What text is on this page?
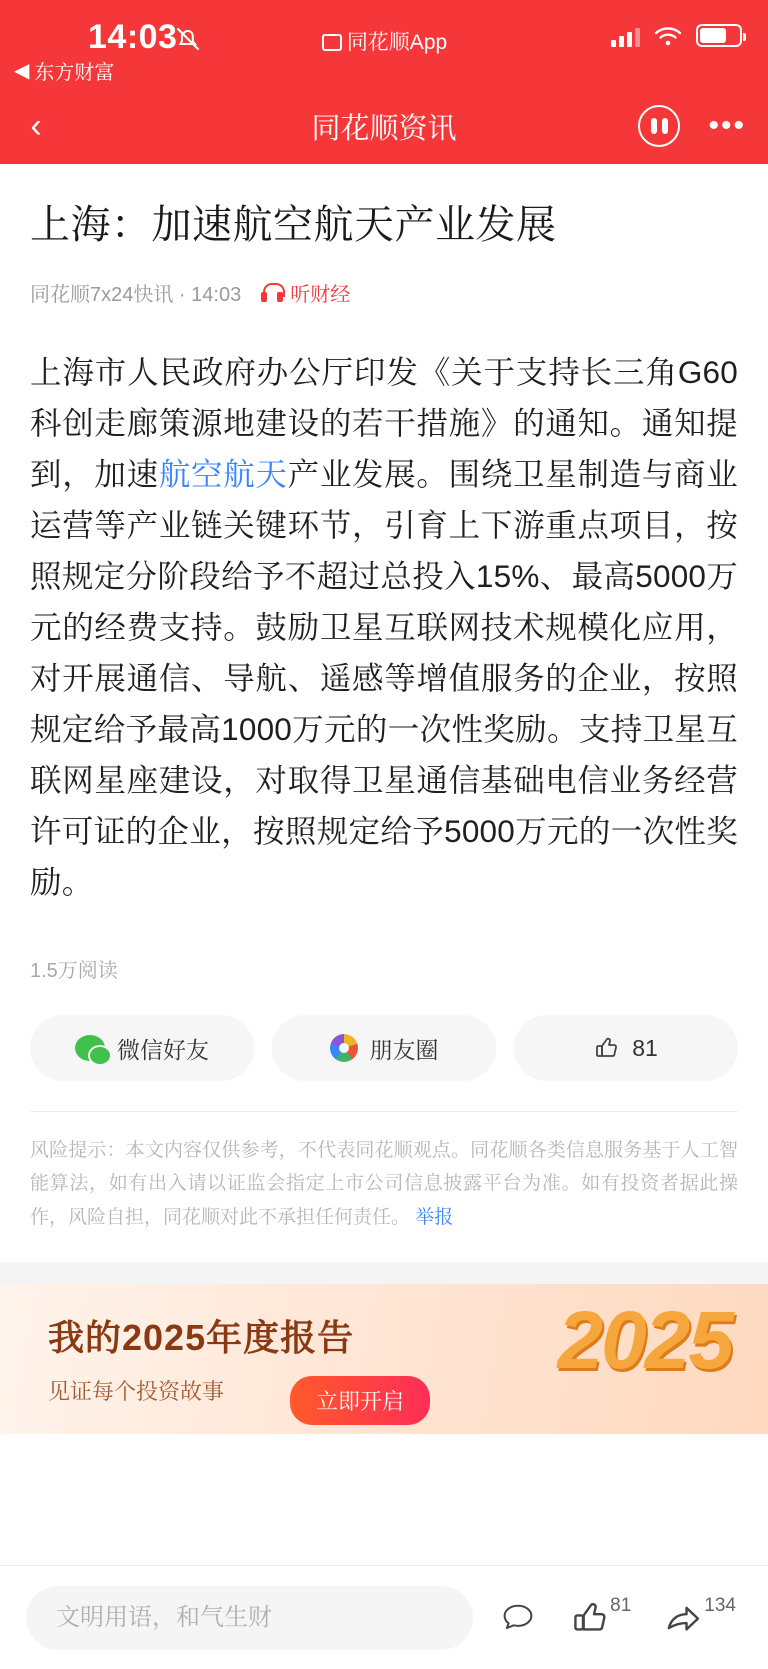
14:03	同花顺App
◀ 东方财富
‹	同花顺资讯	•••
上海：加速航空航天产业发展
同花顺7x24快讯 · 14:03 听财经
上海市人民政府办公厅印发《关于支持长三角G60科创走廊策源地建设的若干措施》的通知。通知提到，加速航空航天产业发展。围绕卫星制造与商业运营等产业链关键环节，引育上下游重点项目，按照规定分阶段给予不超过总投入15%、最高5000万元的经费支持。鼓励卫星互联网技术规模化应用，对开展通信、导航、遥感等增值服务的企业，按照规定给予最高1000万元的一次性奖励。支持卫星互联网星座建设，对取得卫星通信基础电信业务经营许可证的企业，按照规定给予5000万元的一次性奖励。
1.5万阅读
微信好友	朋友圈	81
风险提示：本文内容仅供参考，不代表同花顺观点。同花顺各类信息服务基于人工智能算法，如有出入请以证监会指定上市公司信息披露平台为准。如有投资者据此操作，风险自担，同花顺对此不承担任何责任。 举报
我的2025年度报告
见证每个投资故事	立即开启
2025
文明用语，和气生财
81	134
